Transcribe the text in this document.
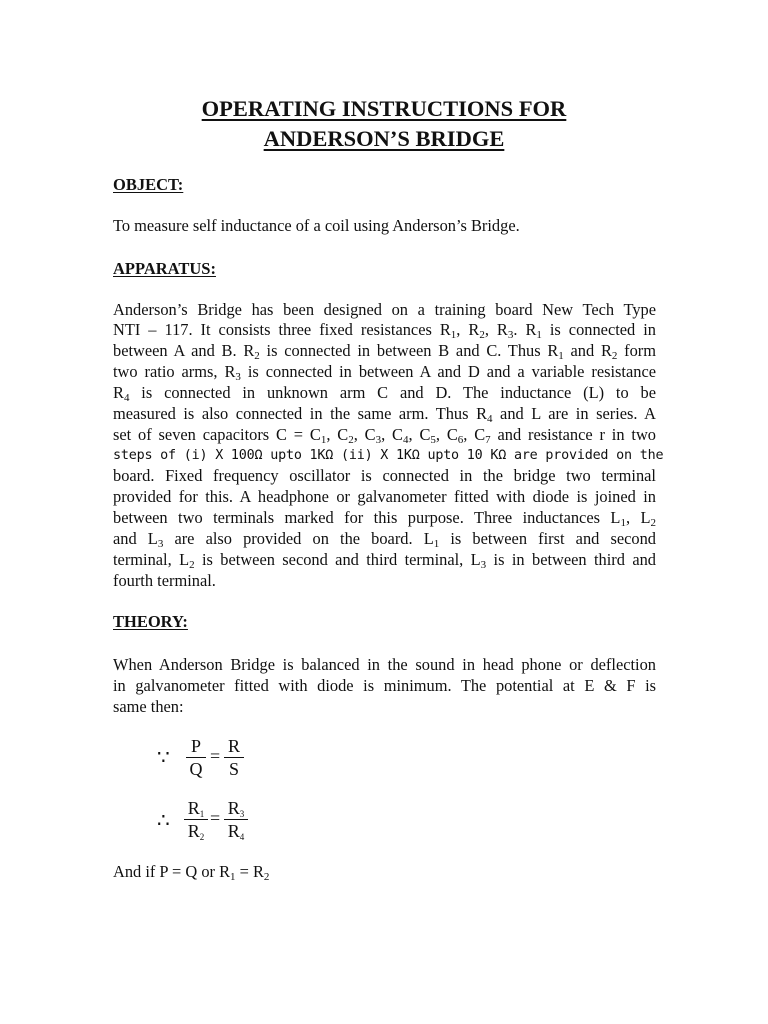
OPERATING INSTRUCTIONS FOR
ANDERSON’S BRIDGE
OBJECT:
To measure self inductance of a coil using Anderson’s Bridge.
APPARATUS:
Anderson’s Bridge has been designed on a training board New Tech Type
NTI – 117. It consists three fixed resistances $R_1$, $R_2$, $R_3$. $R_1$ is connected in
between A and B. $R_2$ is connected in between B and C. Thus $R_1$ and $R_2$ form
two ratio arms, $R_3$ is connected in between A and D and a variable resistance
$R_4$ is connected in unknown arm C and D. The inductance (L) to be
measured is also connected in the same arm. Thus $R_4$ and L are in series. A
set of seven capacitors $C = C_1$, $C_2$, $C_3$, $C_4$, $C_5$, $C_6$, $C_7$ and resistance r in two
steps of (i) X 100Ω upto 1KΩ (ii) X 1KΩ upto 10 KΩ are provided on the
board. Fixed frequency oscillator is connected in the bridge two terminal
provided for this. A headphone or galvanometer fitted with diode is joined in
between two terminals marked for this purpose. Three inductances $L_1$, $L_2$
and $L_3$ are also provided on the board. $L_1$ is between first and second
terminal, $L_2$ is between second and third terminal, $L_3$ is in between third and
fourth terminal.
THEORY:
When Anderson Bridge is balanced in the sound in head phone or deflection
in galvanometer fitted with diode is minimum. The potential at E & F is
same then:
∵
P
Q
= R
S
∴
R1
R2
= R3
R4
And if P = Q or $R_1 = R_2$
